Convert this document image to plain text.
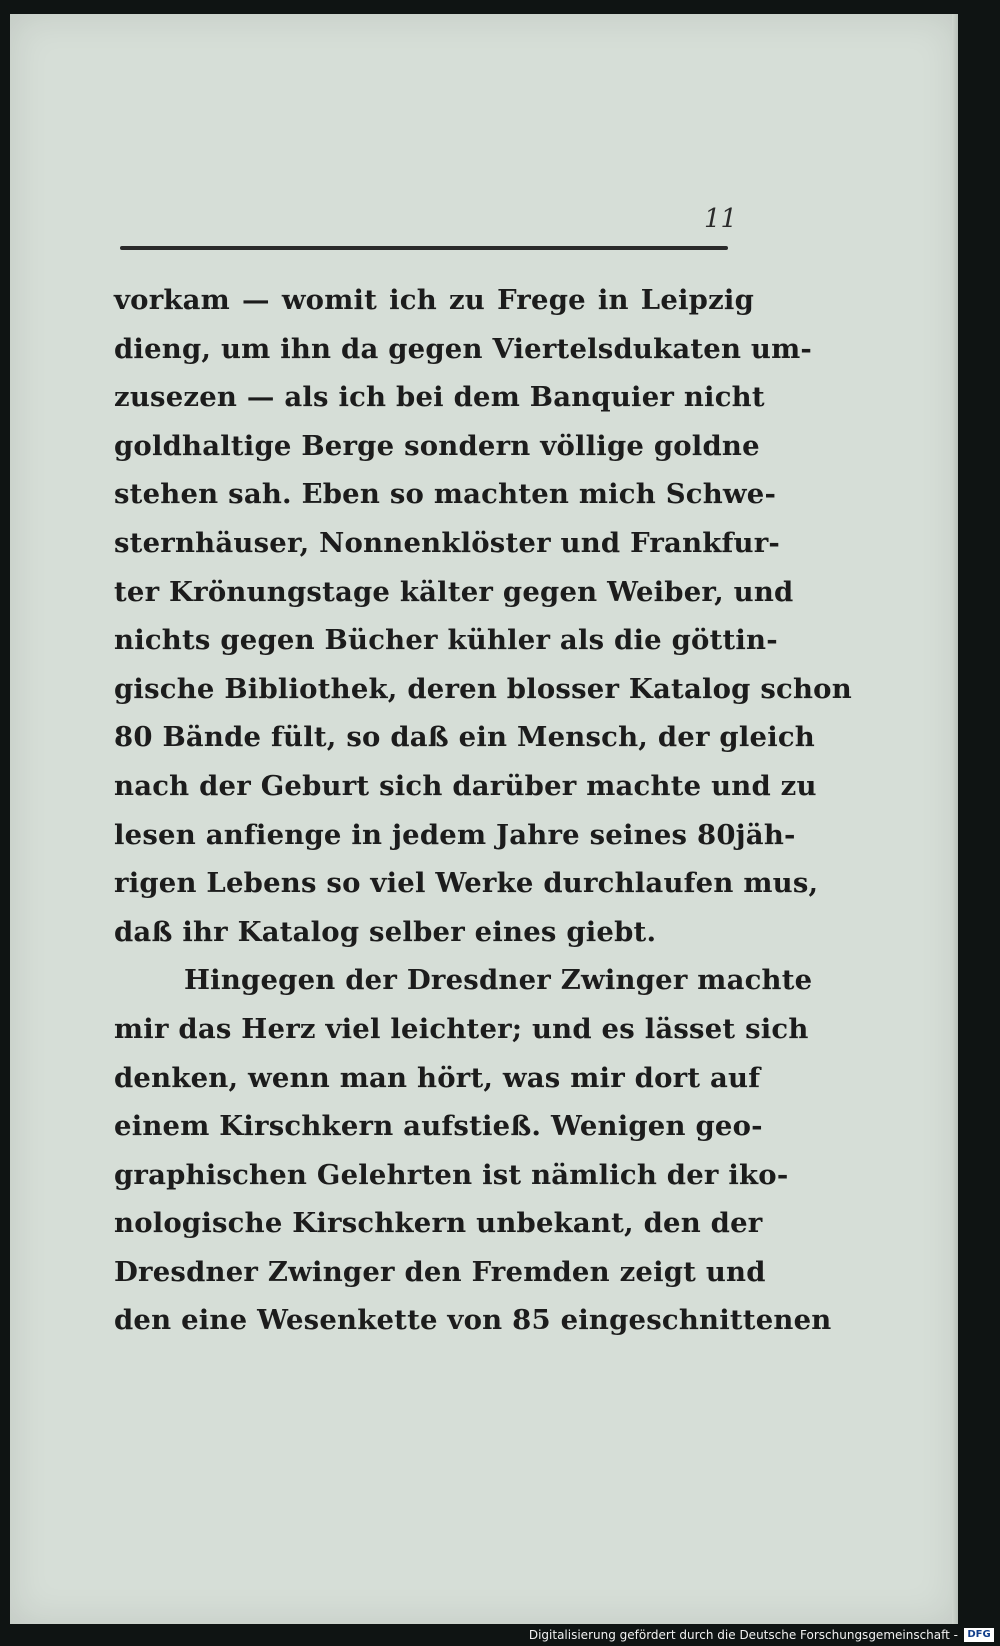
11
vorkam — womit ich zu Frege in Leipzig
dieng, um ihn da gegen Viertelsdukaten um-
zusezen — als ich bei dem Banquier nicht
goldhaltige Berge sondern völlige goldne
stehen sah. Eben so machten mich Schwe-
sternhäuser, Nonnenklöster und Frankfur-
ter Krönungstage kälter gegen Weiber, und
nichts gegen Bücher kühler als die göttin-
gische Bibliothek, deren blosser Katalog schon
80 Bände fült, so daß ein Mensch, der gleich
nach der Geburt sich darüber machte und zu
lesen anfienge in jedem Jahre seines 80jäh-
rigen Lebens so viel Werke durchlaufen mus,
daß ihr Katalog selber eines giebt.
Hingegen der Dresdner Zwinger machte
mir das Herz viel leichter; und es lässet sich
denken, wenn man hört, was mir dort auf
einem Kirschkern aufstieß. Wenigen geo-
graphischen Gelehrten ist nämlich der iko-
nologische Kirschkern unbekant, den der
Dresdner Zwinger den Fremden zeigt und
den eine Wesenkette von 85 eingeschnittenen
Digitalisierung gefördert durch die Deutsche Forschungsgemeinschaft - DFG
